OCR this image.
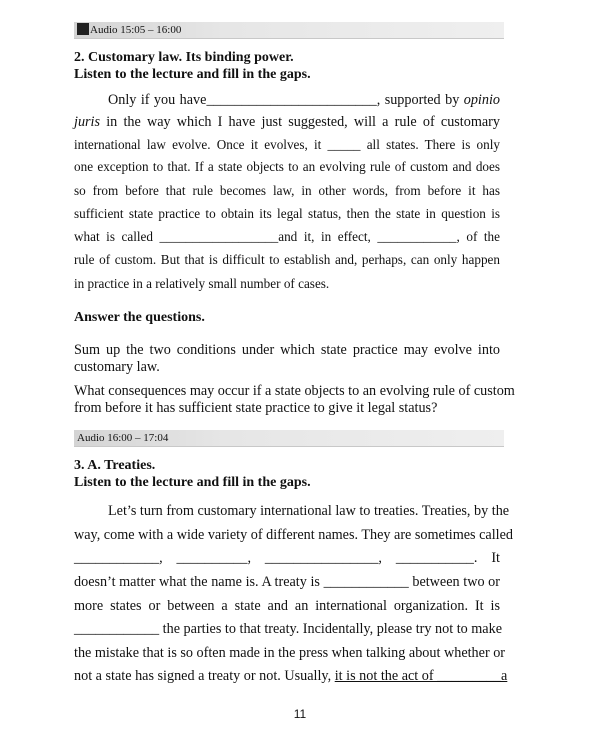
Audio 15:05 – 16:00
2. Customary law. Its binding power.
Listen to the lecture and fill in the gaps.
Only if you have________________________, supported by opinio
juris in the way which I have just suggested, will a rule of customary
international law evolve. Once it evolves, it _____ all states. There is only
one exception to that. If a state objects to an evolving rule of custom and does
so from before that rule becomes law, in other words, from before it has
sufficient state practice to obtain its legal status, then the state in question is
what is called __________________and it, in effect, ____________, of the
rule of custom. But that is difficult to establish and, perhaps, can only happen
in practice in a relatively small number of cases.
Answer the questions.
Sum up the two conditions under which state practice may evolve into
customary law.
What consequences may occur if a state objects to an evolving rule of custom
from before it has sufficient state practice to give it legal status?
Audio 16:00 – 17:04
3. A. Treaties.
Listen to the lecture and fill in the gaps.
Let’s turn from customary international law to treaties. Treaties, by the
way, come with a wide variety of different names. They are sometimes called
____________, __________, ________________, ___________. It
doesn’t matter what the name is. A treaty is ____________ between two or
more states or between a state and an international organization. It is
____________ the parties to that treaty. Incidentally, please try not to make
the mistake that is so often made in the press when talking about whether or
not a state has signed a treaty or not. Usually, it is not the act of _________ a
11
